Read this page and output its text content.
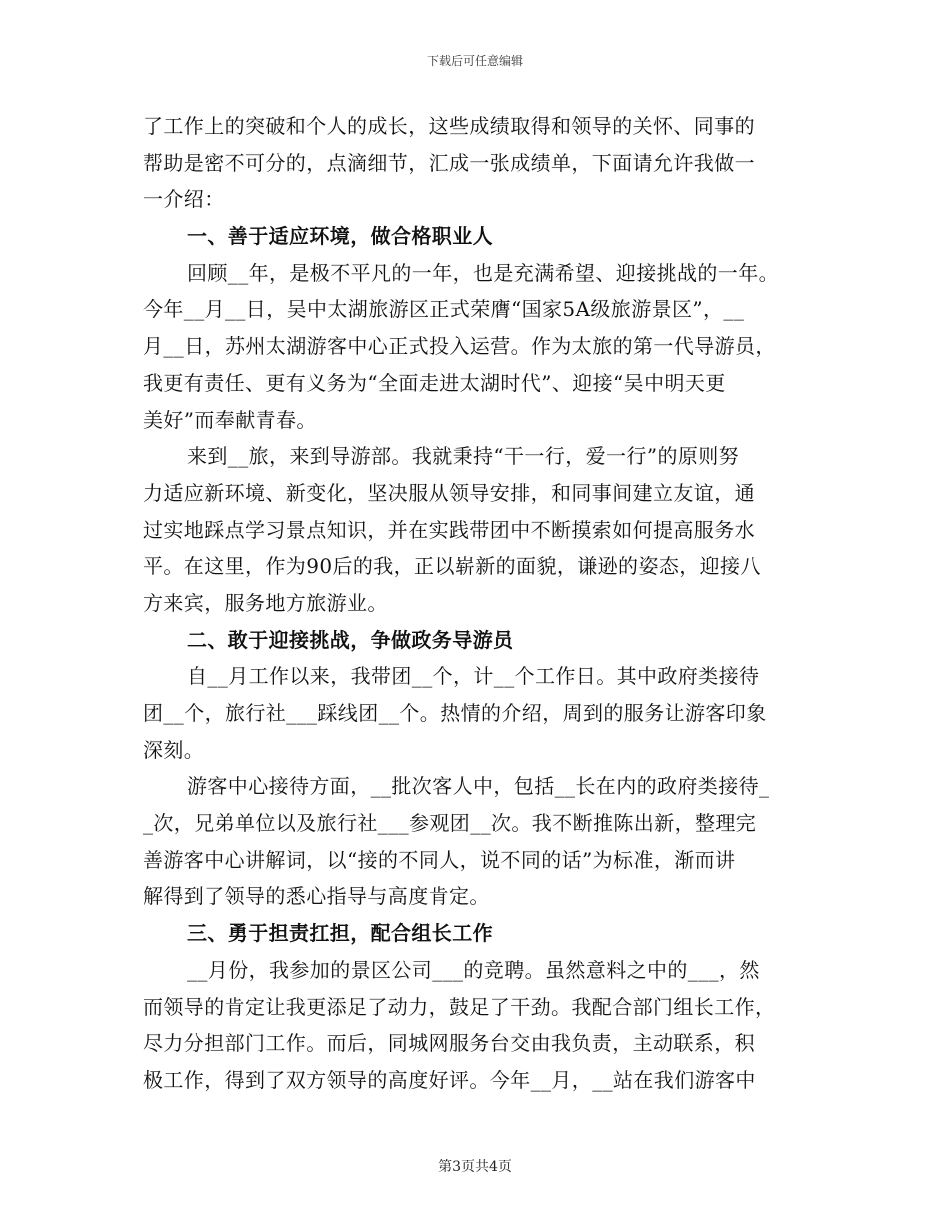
下载后可任意编辑
了工作上的突破和个人的成长，这些成绩取得和领导的关怀、同事的
帮助是密不可分的，点滴细节，汇成一张成绩单，下面请允许我做一
一介绍：
一、善于适应环境，做合格职业人
回顾__年，是极不平凡的一年，也是充满希望、迎接挑战的一年。
今年__月__日，吴中太湖旅游区正式荣膺“国家5A级旅游景区”，__
月__日，苏州太湖游客中心正式投入运营。作为太旅的第一代导游员，
我更有责任、更有义务为“全面走进太湖时代”、迎接“吴中明天更
美好”而奉献青春。
来到__旅，来到导游部。我就秉持“干一行，爱一行”的原则努
力适应新环境、新变化，坚决服从领导安排，和同事间建立友谊，通
过实地踩点学习景点知识，并在实践带团中不断摸索如何提高服务水
平。在这里，作为90后的我，正以崭新的面貌，谦逊的姿态，迎接八
方来宾，服务地方旅游业。
二、敢于迎接挑战，争做政务导游员
自__月工作以来，我带团__个，计__个工作日。其中政府类接待
团__个，旅行社___踩线团__个。热情的介绍，周到的服务让游客印象
深刻。
游客中心接待方面，__批次客人中，包括__长在内的政府类接待_
_次，兄弟单位以及旅行社___参观团__次。我不断推陈出新，整理完
善游客中心讲解词，以“接的不同人，说不同的话”为标准，渐而讲
解得到了领导的悉心指导与高度肯定。
三、勇于担责扛担，配合组长工作
__月份，我参加的景区公司___的竞聘。虽然意料之中的___，然
而领导的肯定让我更添足了动力，鼓足了干劲。我配合部门组长工作，
尽力分担部门工作。而后，同城网服务台交由我负责，主动联系，积
极工作，得到了双方领导的高度好评。今年__月，__站在我们游客中
第3页共4页
